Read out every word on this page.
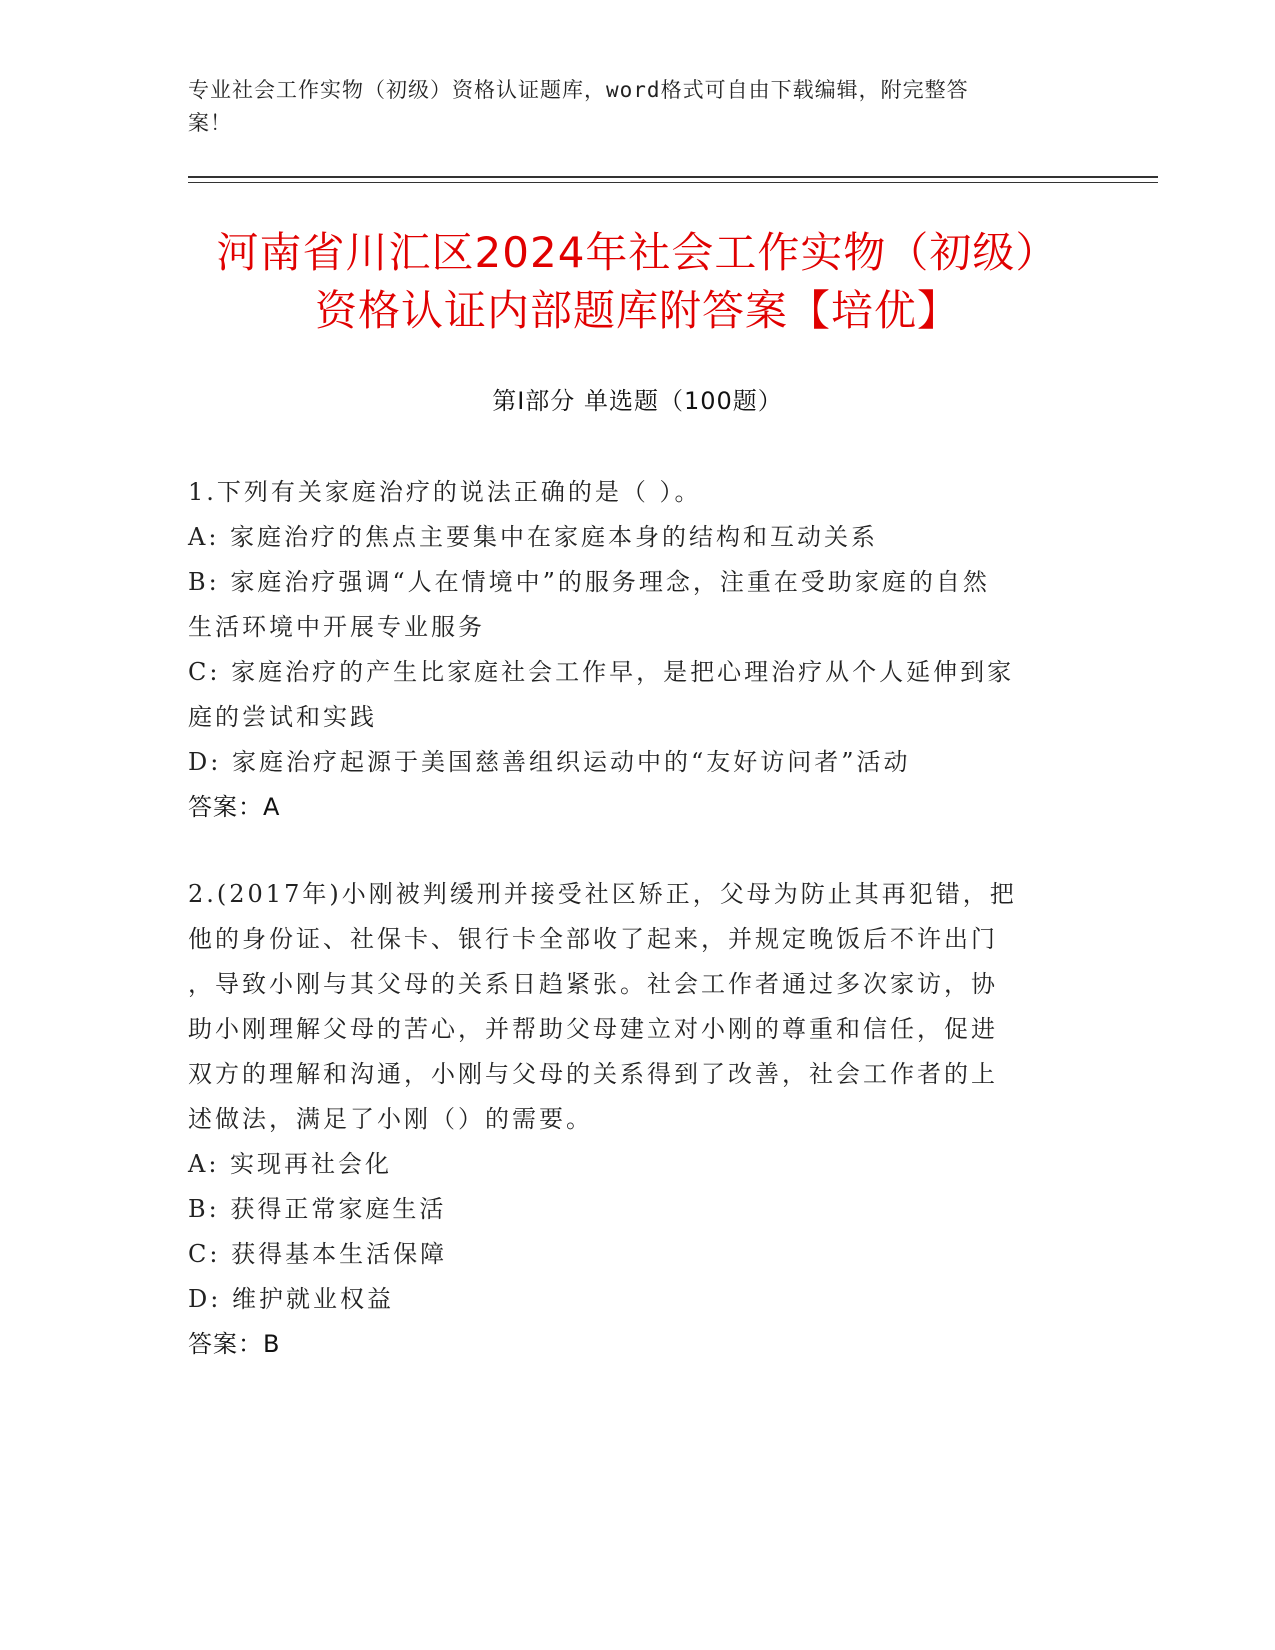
专业社会工作实物（初级）资格认证题库，word格式可自由下载编辑，附完整答
案！
河南省川汇区2024年社会工作实物（初级）
资格认证内部题库附答案【培优】
第Ⅰ部分 单选题（100题）
1.下列有关家庭治疗的说法正确的是（ ）。
A: 家庭治疗的焦点主要集中在家庭本身的结构和互动关系
B: 家庭治疗强调“人在情境中”的服务理念，注重在受助家庭的自然
生活环境中开展专业服务
C: 家庭治疗的产生比家庭社会工作早，是把心理治疗从个人延伸到家
庭的尝试和实践
D: 家庭治疗起源于美国慈善组织运动中的“友好访问者”活动
答案：A
2.(2017年)小刚被判缓刑并接受社区矫正，父母为防止其再犯错，把
他的身份证、社保卡、银行卡全部收了起来，并规定晚饭后不许出门
，导致小刚与其父母的关系日趋紧张。社会工作者通过多次家访，协
助小刚理解父母的苦心，并帮助父母建立对小刚的尊重和信任，促进
双方的理解和沟通，小刚与父母的关系得到了改善，社会工作者的上
述做法，满足了小刚（）的需要。
A: 实现再社会化
B: 获得正常家庭生活
C: 获得基本生活保障
D: 维护就业权益
答案：B
